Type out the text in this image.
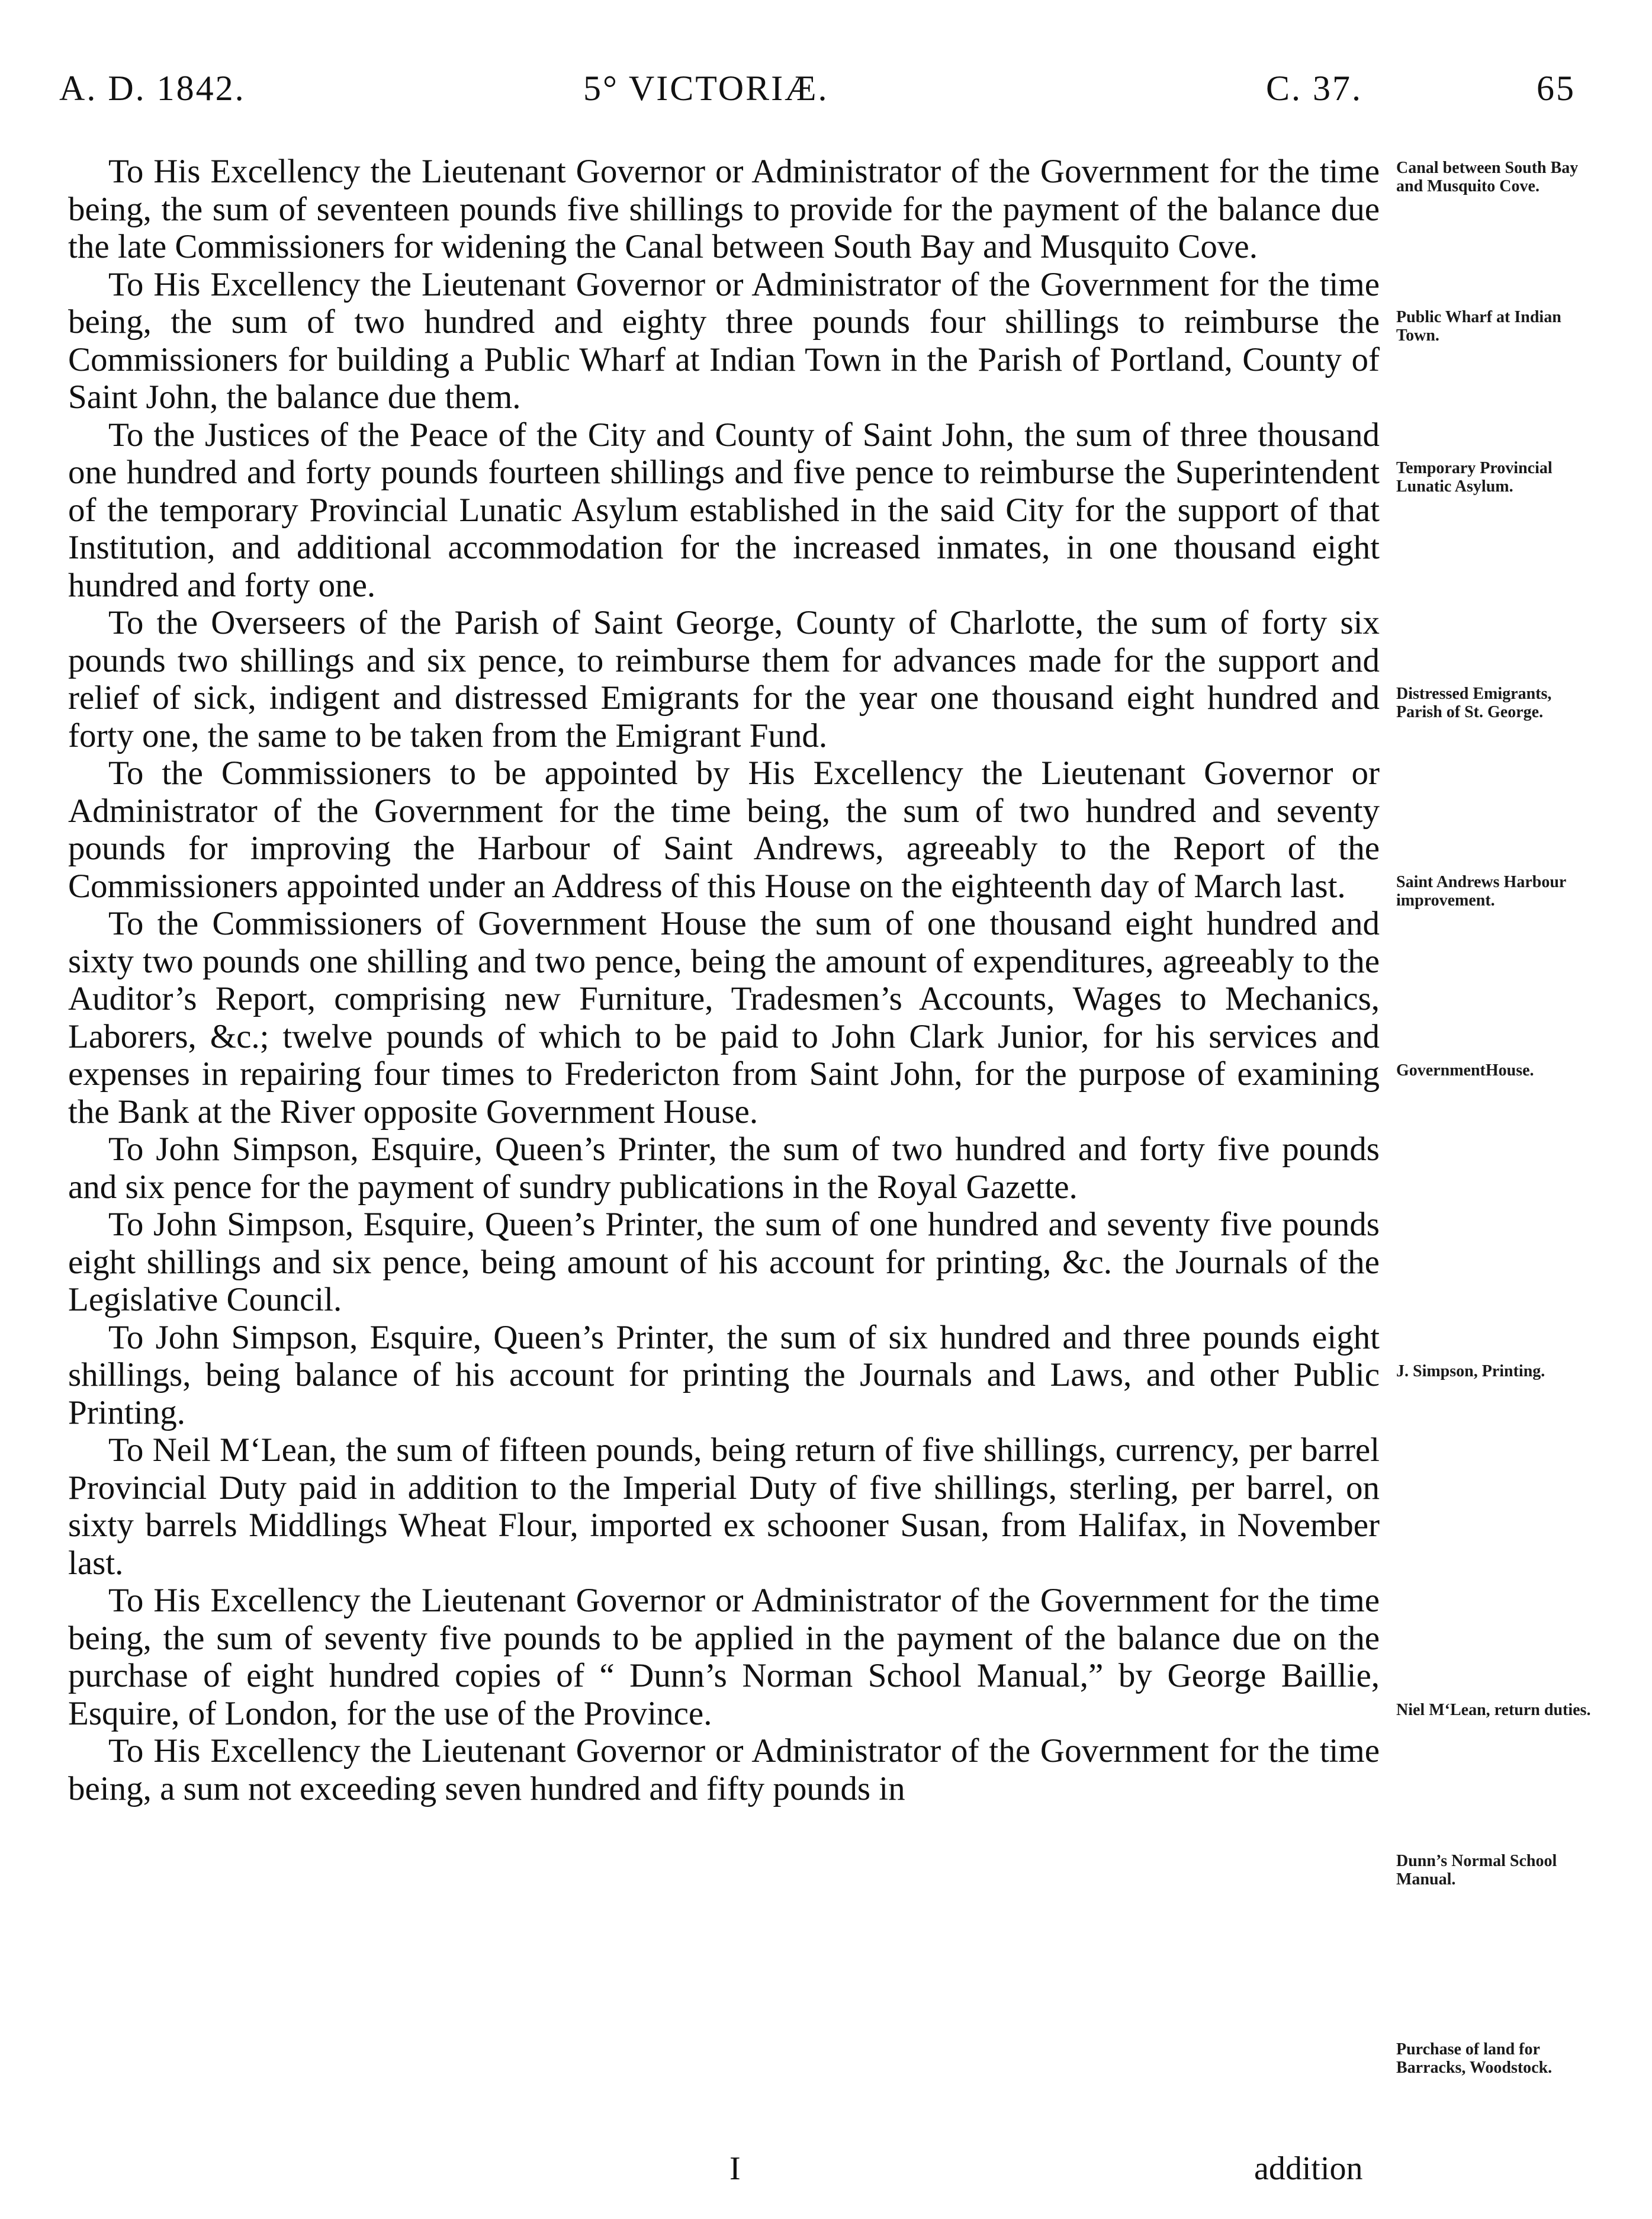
A. D. 1842.	5° VICTORIÆ.	C. 37.	65

To His Excellency the Lieutenant Governor or Administrator of the Government for the time being, the sum of seventeen pounds five shillings to provide for the payment of the balance due the late Commissioners for widening the Canal between South Bay and Musquito Cove.

To His Excellency the Lieutenant Governor or Administrator of the Government for the time being, the sum of two hundred and eighty three pounds four shillings to reimburse the Commissioners for building a Public Wharf at Indian Town in the Parish of Portland, County of Saint John, the balance due them.

To the Justices of the Peace of the City and County of Saint John, the sum of three thousand one hundred and forty pounds fourteen shillings and five pence to reimburse the Superintendent of the temporary Provincial Lunatic Asylum established in the said City for the support of that Institution, and additional accommodation for the increased inmates, in one thousand eight hundred and forty one.

To the Overseers of the Parish of Saint George, County of Charlotte, the sum of forty six pounds two shillings and six pence, to reimburse them for advances made for the support and relief of sick, indigent and distressed Emigrants for the year one thousand eight hundred and forty one, the same to be taken from the Emigrant Fund.

To the Commissioners to be appointed by His Excellency the Lieutenant Governor or Administrator of the Government for the time being, the sum of two hundred and seventy pounds for improving the Harbour of Saint Andrews, agreeably to the Report of the Commissioners appointed under an Address of this House on the eighteenth day of March last.

To the Commissioners of Government House the sum of one thousand eight hundred and sixty two pounds one shilling and two pence, being the amount of expenditures, agreeably to the Auditor’s Report, comprising new Furniture, Tradesmen’s Accounts, Wages to Mechanics, Laborers, &c.; twelve pounds of which to be paid to John Clark Junior, for his services and expenses in repairing four times to Fredericton from Saint John, for the purpose of examining the Bank at the River opposite Government House.

To John Simpson, Esquire, Queen’s Printer, the sum of two hundred and forty five pounds and six pence for the payment of sundry publications in the Royal Gazette.

To John Simpson, Esquire, Queen’s Printer, the sum of one hundred and seventy five pounds eight shillings and six pence, being amount of his account for printing, &c. the Journals of the Legislative Council.

To John Simpson, Esquire, Queen’s Printer, the sum of six hundred and three pounds eight shillings, being balance of his account for printing the Journals and Laws, and other Public Printing.

To Neil M‘Lean, the sum of fifteen pounds, being return of five shillings, currency, per barrel Provincial Duty paid in addition to the Imperial Duty of five shillings, sterling, per barrel, on sixty barrels Middlings Wheat Flour, imported ex schooner Susan, from Halifax, in November last.

To His Excellency the Lieutenant Governor or Administrator of the Government for the time being, the sum of seventy five pounds to be applied in the payment of the balance due on the purchase of eight hundred copies of “ Dunn’s Norman School Manual,” by George Baillie, Esquire, of London, for the use of the Province.

To His Excellency the Lieutenant Governor or Administrator of the Government for the time being, a sum not exceeding seven hundred and fifty pounds in

Canal between South Bay and Musquito Cove.
Public Wharf at Indian Town.
Temporary Provincial Lunatic Asylum.
Distressed Emigrants, Parish of St. George.
Saint Andrews Harbour improvement.
GovernmentHouse.
J. Simpson, Printing.
Niel M‘Lean, return duties.
Dunn’s Normal School Manual.
Purchase of land for Barracks, Woodstock.
I	addition
